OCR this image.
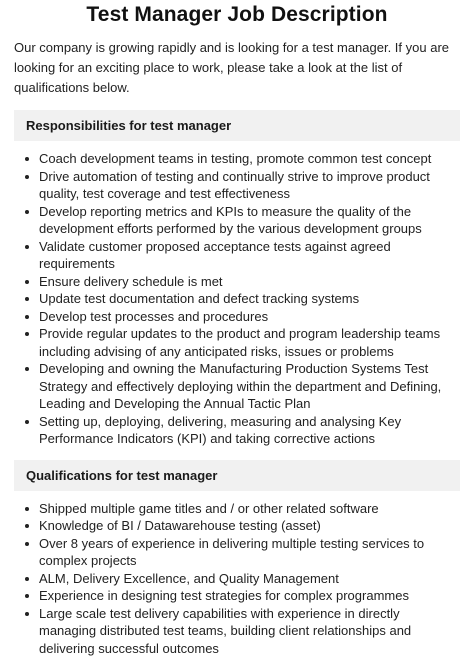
Test Manager Job Description

Our company is growing rapidly and is looking for a test manager. If you are looking for an exciting place to work, please take a look at the list of qualifications below.

Responsibilities for test manager
Coach development teams in testing, promote common test concept
Drive automation of testing and continually strive to improve product quality, test coverage and test effectiveness
Develop reporting metrics and KPIs to measure the quality of the development efforts performed by the various development groups
Validate customer proposed acceptance tests against agreed requirements
Ensure delivery schedule is met
Update test documentation and defect tracking systems
Develop test processes and procedures
Provide regular updates to the product and program leadership teams including advising of any anticipated risks, issues or problems
Developing and owning the Manufacturing Production Systems Test Strategy and effectively deploying within the department and Defining, Leading and Developing the Annual Tactic Plan
Setting up, deploying, delivering, measuring and analysing Key Performance Indicators (KPI) and taking corrective actions
Qualifications for test manager
Shipped multiple game titles and / or other related software
Knowledge of BI / Datawarehouse testing (asset)
Over 8 years of experience in delivering multiple testing services to complex projects
ALM, Delivery Excellence, and Quality Management
Experience in designing test strategies for complex programmes
Large scale test delivery capabilities with experience in directly managing distributed test teams, building client relationships and delivering successful outcomes
